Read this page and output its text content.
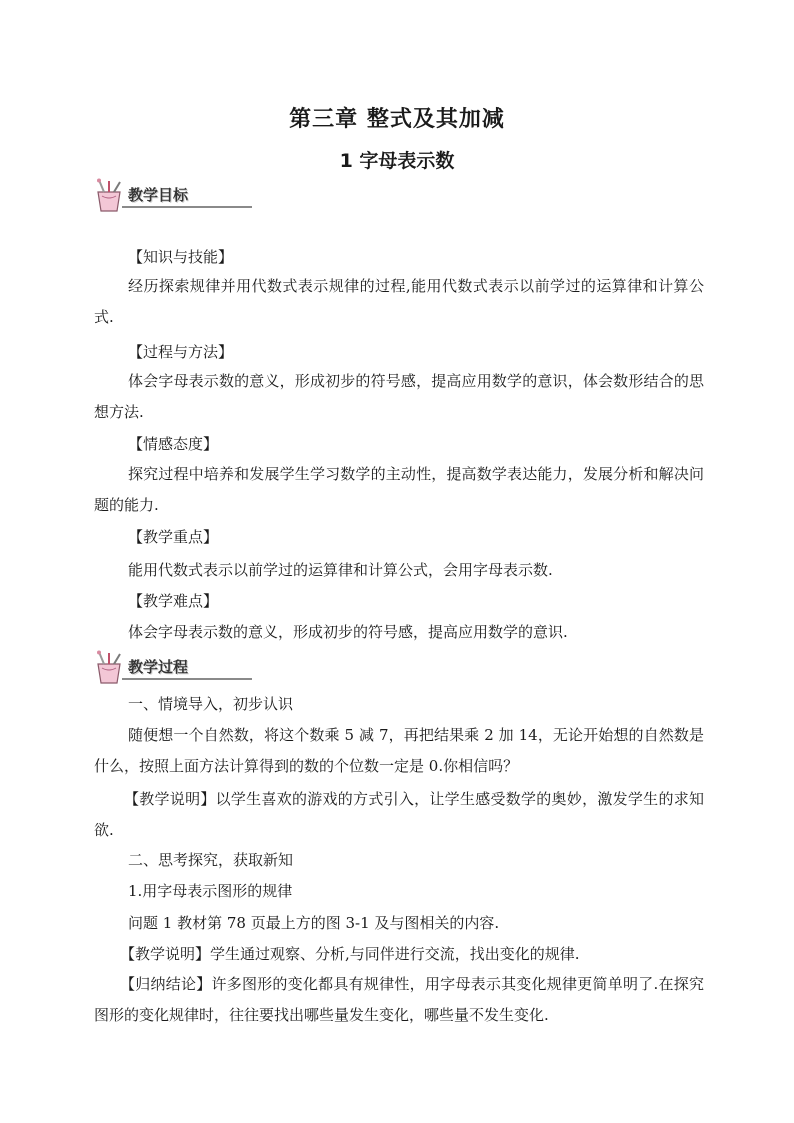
第三章 整式及其加减
1 字母表示数
教学目标
【知识与技能】
经历探索规律并用代数式表示规律的过程,能用代数式表示以前学过的运算律和计算公式.
【过程与方法】
体会字母表示数的意义，形成初步的符号感，提高应用数学的意识，体会数形结合的思想方法.
【情感态度】
探究过程中培养和发展学生学习数学的主动性，提高数学表达能力，发展分析和解决问题的能力.
【教学重点】
能用代数式表示以前学过的运算律和计算公式，会用字母表示数.
【教学难点】
体会字母表示数的意义，形成初步的符号感，提高应用数学的意识.
教学过程
一、情境导入，初步认识
随便想一个自然数，将这个数乘 5 减 7，再把结果乘 2 加 14，无论开始想的自然数是什么，按照上面方法计算得到的数的个位数一定是 0.你相信吗？
【教学说明】以学生喜欢的游戏的方式引入，让学生感受数学的奥妙，激发学生的求知欲.
二、思考探究，获取新知
1.用字母表示图形的规律
问题 1 教材第 78 页最上方的图 3-1 及与图相关的内容.
【教学说明】学生通过观察、分析,与同伴进行交流，找出变化的规律.
【归纳结论】许多图形的变化都具有规律性，用字母表示其变化规律更简单明了.在探究图形的变化规律时，往往要找出哪些量发生变化，哪些量不发生变化.
